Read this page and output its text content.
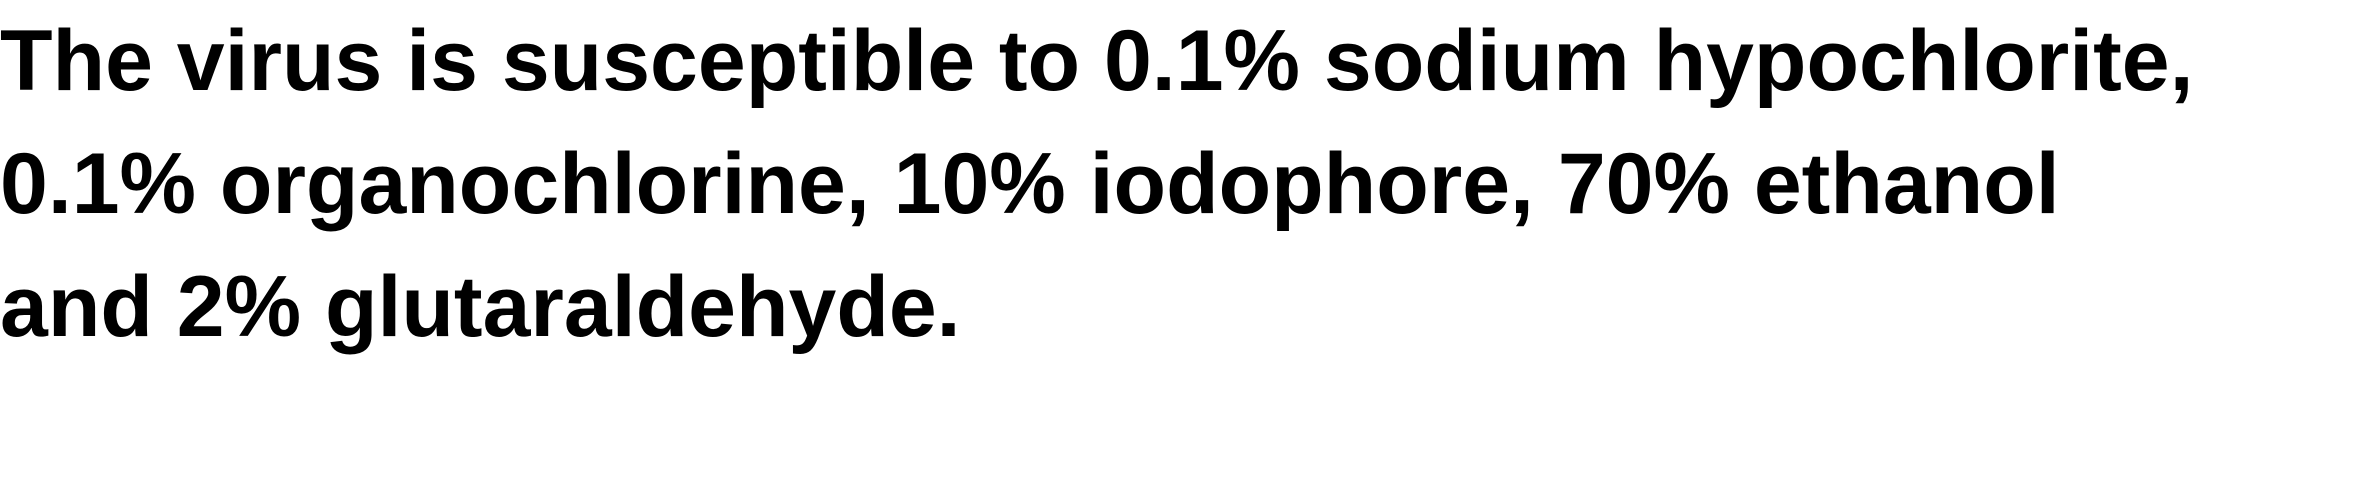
The virus is susceptible to 0.1% sodium hypochlorite,
0.1% organochlorine, 10% iodophore, 70% ethanol
and 2% glutaraldehyde.
